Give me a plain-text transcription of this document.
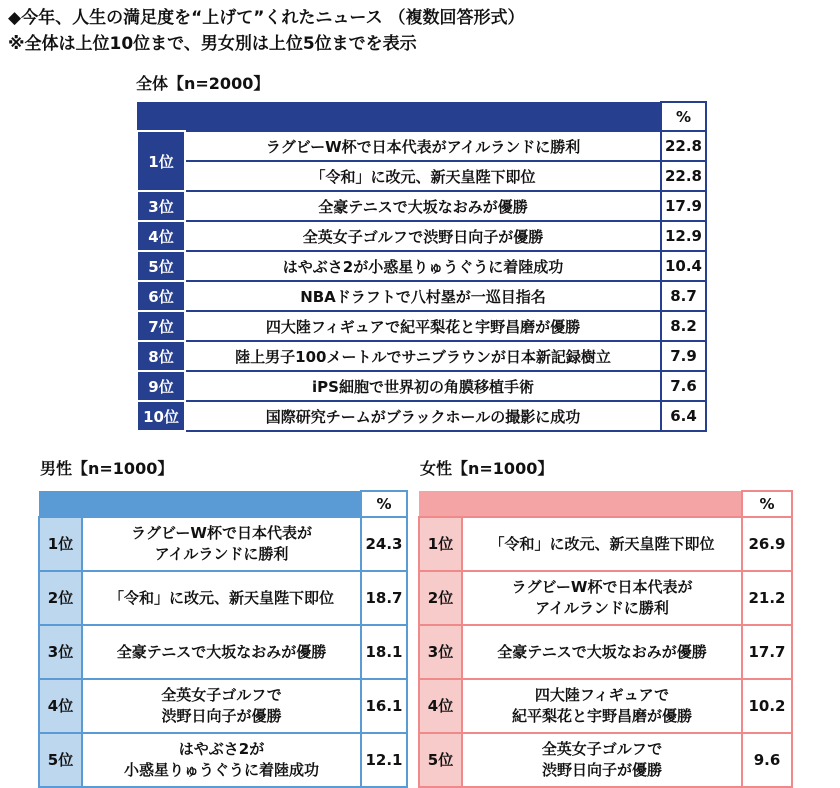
◆今年、人生の満足度を“上げて”くれたニュース （複数回答形式）
※全体は上位10位まで、男女別は上位5位までを表示
全体【n=2000】
		%
1位	ラグビーW杯で日本代表がアイルランドに勝利	22.8
	「令和」に改元、新天皇陛下即位	22.8
3位	全豪テニスで大坂なおみが優勝	17.9
4位	全英女子ゴルフで渋野日向子が優勝	12.9
5位	はやぶさ2が小惑星りゅうぐうに着陸成功	10.4
6位	NBAドラフトで八村塁が一巡目指名	8.7
7位	四大陸フィギュアで紀平梨花と宇野昌磨が優勝	8.2
8位	陸上男子100メートルでサニブラウンが日本新記録樹立	7.9
9位	iPS細胞で世界初の角膜移植手術	7.6
10位	国際研究チームがブラックホールの撮影に成功	6.4
男性【n=1000】	女性【n=1000】
		%
1位	ラグビーW杯で日本代表が
アイルランドに勝利	24.3
2位	「令和」に改元、新天皇陛下即位	18.7
3位	全豪テニスで大坂なおみが優勝	18.1
4位	全英女子ゴルフで
渋野日向子が優勝	16.1
5位	はやぶさ2が
小惑星りゅうぐうに着陸成功	12.1
		%
1位	「令和」に改元、新天皇陛下即位	26.9
2位	ラグビーW杯で日本代表が
アイルランドに勝利	21.2
3位	全豪テニスで大坂なおみが優勝	17.7
4位	四大陸フィギュアで
紀平梨花と宇野昌磨が優勝	10.2
5位	全英女子ゴルフで
渋野日向子が優勝	9.6
